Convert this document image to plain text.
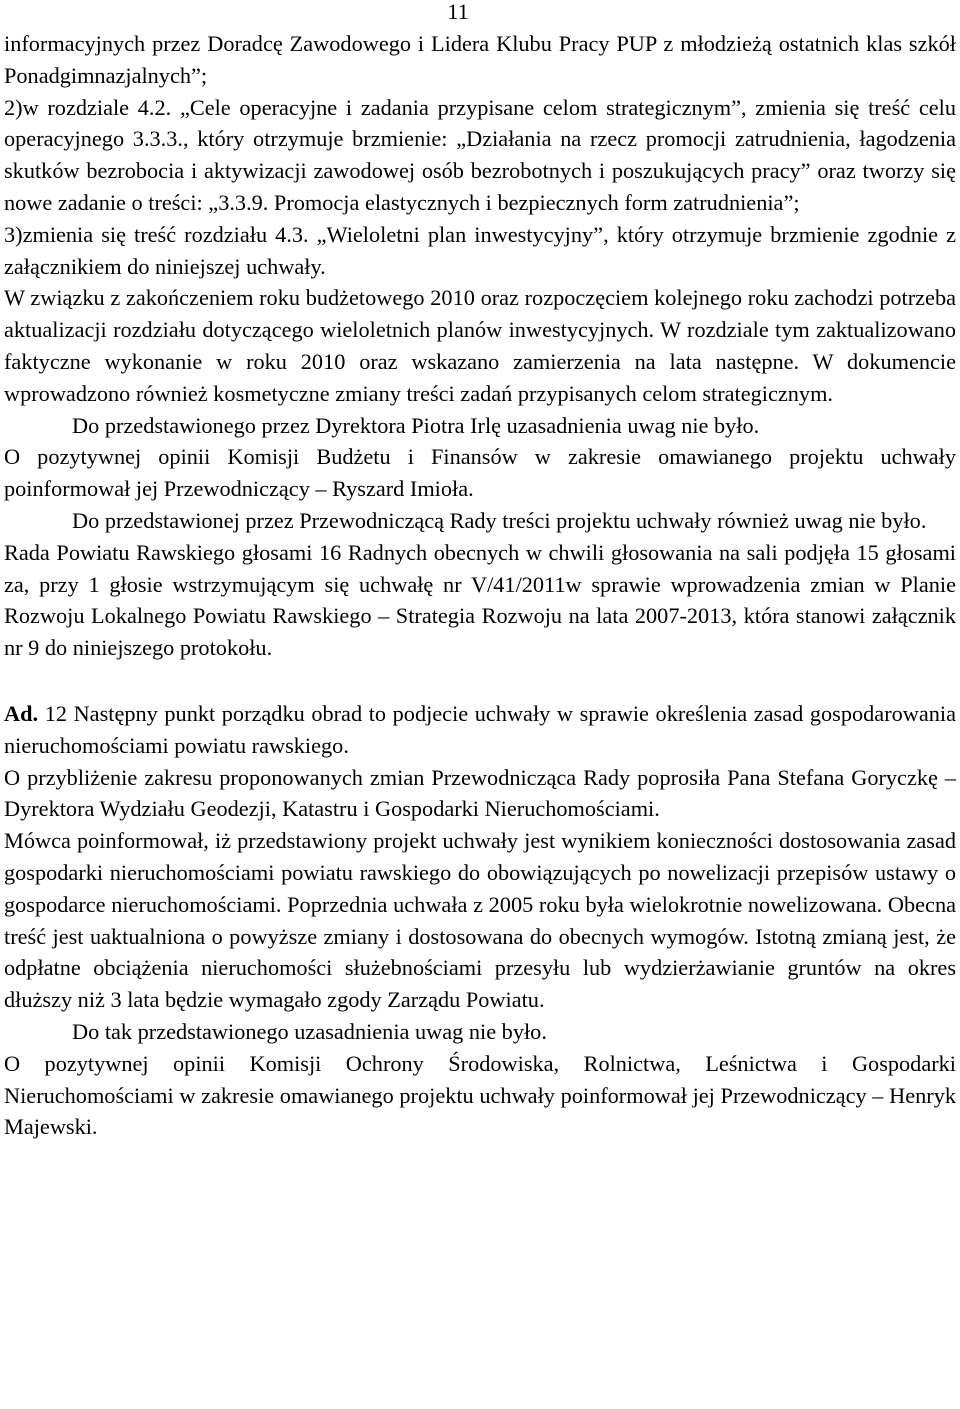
11

informacyjnych przez Doradcę Zawodowego i Lidera Klubu Pracy PUP z młodzieżą ostatnich klas szkół Ponadgimnazjalnych”;

2)w rozdziale 4.2. „Cele operacyjne i zadania przypisane celom strategicznym”, zmienia się treść celu operacyjnego 3.3.3., który otrzymuje brzmienie: „Działania na rzecz promocji zatrudnienia, łagodzenia skutków bezrobocia i aktywizacji zawodowej osób bezrobotnych i poszukujących pracy” oraz tworzy się nowe zadanie o treści: „3.3.9. Promocja elastycznych i bezpiecznych form zatrudnienia”;

3)zmienia się treść rozdziału 4.3. „Wieloletni plan inwestycyjny”, który otrzymuje brzmienie zgodnie z załącznikiem do niniejszej uchwały.

W związku z zakończeniem roku budżetowego 2010 oraz rozpoczęciem kolejnego roku zachodzi potrzeba aktualizacji rozdziału dotyczącego wieloletnich planów inwestycyjnych. W rozdziale tym zaktualizowano faktyczne wykonanie w roku 2010 oraz wskazano zamierzenia na lata następne. W dokumencie wprowadzono również kosmetyczne zmiany treści zadań przypisanych celom strategicznym.

Do przedstawionego przez Dyrektora Piotra Irlę uzasadnienia uwag nie było.

O pozytywnej opinii Komisji Budżetu i Finansów w zakresie omawianego projektu uchwały poinformował jej Przewodniczący – Ryszard Imioła.

Do przedstawionej przez Przewodniczącą Rady treści projektu uchwały również uwag nie było.

Rada Powiatu Rawskiego głosami 16 Radnych obecnych w chwili głosowania na sali podjęła 15 głosami za, przy 1 głosie wstrzymującym się uchwałę nr V/41/2011w sprawie wprowadzenia zmian w Planie Rozwoju Lokalnego Powiatu Rawskiego – Strategia Rozwoju na lata 2007-2013, która stanowi załącznik nr 9 do niniejszego protokołu.

Ad. 12 Następny punkt porządku obrad to podjecie uchwały w sprawie określenia zasad gospodarowania nieruchomościami powiatu rawskiego.

O przybliżenie zakresu proponowanych zmian Przewodnicząca Rady poprosiła Pana Stefana Goryczkę – Dyrektora Wydziału Geodezji, Katastru i Gospodarki Nieruchomościami.

Mówca poinformował, iż przedstawiony projekt uchwały jest wynikiem konieczności dostosowania zasad gospodarki nieruchomościami powiatu rawskiego do obowiązujących po nowelizacji przepisów ustawy o gospodarce nieruchomościami. Poprzednia uchwała z 2005 roku była wielokrotnie nowelizowana. Obecna treść jest uaktualniona o powyższe zmiany i dostosowana do obecnych wymogów. Istotną zmianą jest, że odpłatne obciążenia nieruchomości służebnościami przesyłu lub wydzierżawianie gruntów na okres dłuższy niż 3 lata będzie wymagało zgody Zarządu Powiatu.

Do tak przedstawionego uzasadnienia uwag nie było.

O pozytywnej opinii Komisji Ochrony Środowiska, Rolnictwa, Leśnictwa i Gospodarki Nieruchomościami w zakresie omawianego projektu uchwały poinformował jej Przewodniczący – Henryk Majewski.
